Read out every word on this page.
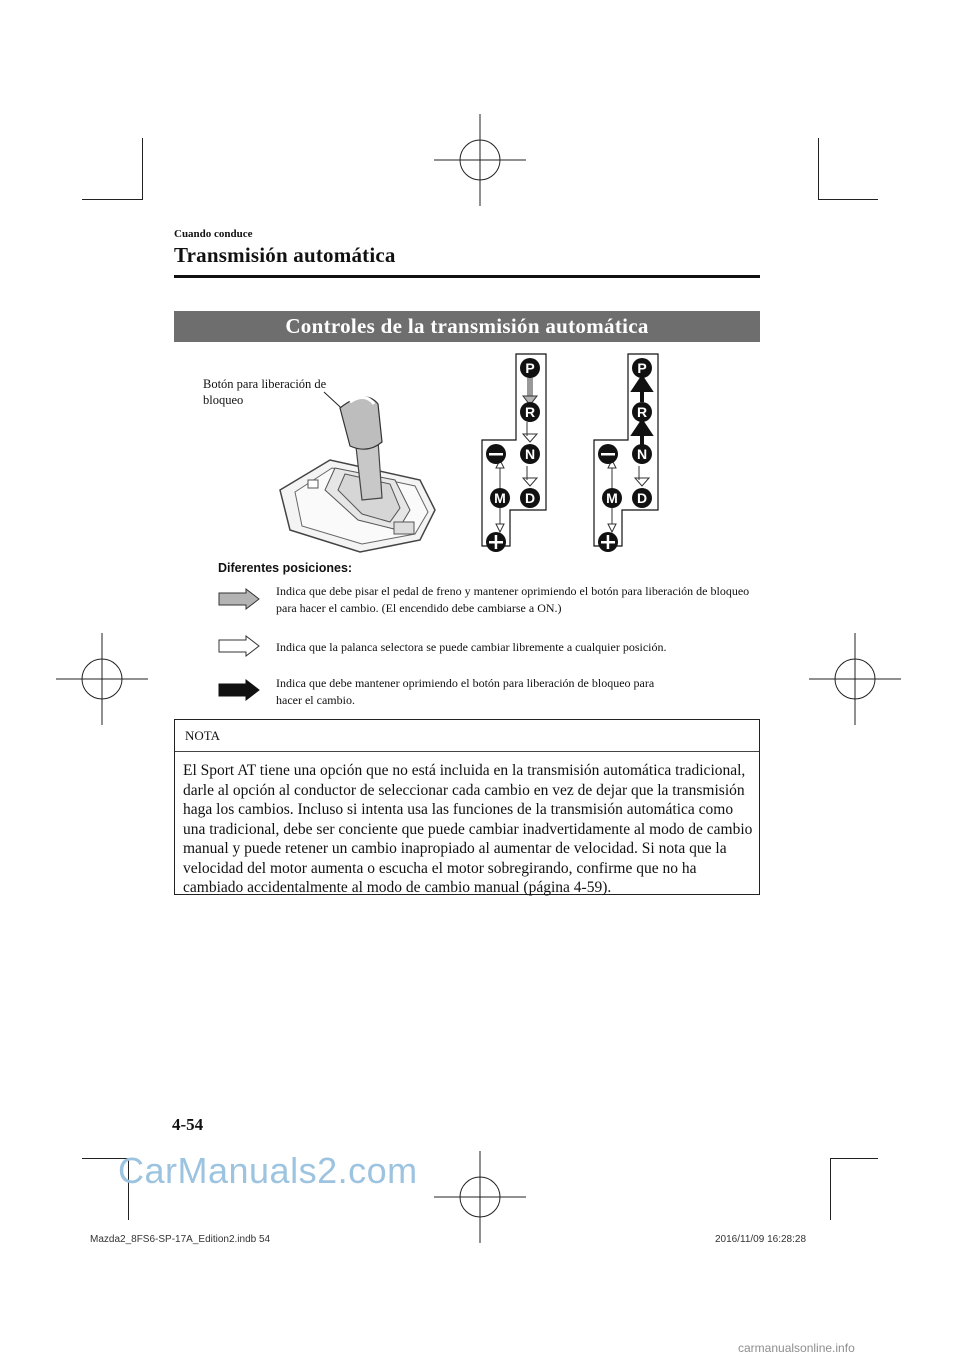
Cuando conduce
Transmisión automática
Controles de la transmisión automática
Botón para liberación de bloqueo
P
R
N
D
M
P
R
N
D
M
Diferentes posiciones:
Indica que debe pisar el pedal de freno y mantener oprimiendo el botón para liberación de bloqueo para hacer el cambio. (El encendido debe cambiarse a ON.)
Indica que la palanca selectora se puede cambiar libremente a cualquier posición.
Indica que debe mantener oprimiendo el botón para liberación de bloqueo para hacer el cambio.
NOTA
El Sport AT tiene una opción que no está incluida en la transmisión automática tradicional, darle al opción al conductor de seleccionar cada cambio en vez de dejar que la transmisión haga los cambios. Incluso si intenta usa las funciones de la transmisión automática como una tradicional, debe ser conciente que puede cambiar inadvertidamente al modo de cambio manual y puede retener un cambio inapropiado al aumentar de velocidad. Si nota que la velocidad del motor aumenta o escucha el motor sobregirando, confirme que no ha cambiado accidentalmente al modo de cambio manual (página 4-59).
4-54
CarManuals2.com
Mazda2_8FS6-SP-17A_Edition2.indb 54	2016/11/09 16:28:28
carmanualsonline.info
